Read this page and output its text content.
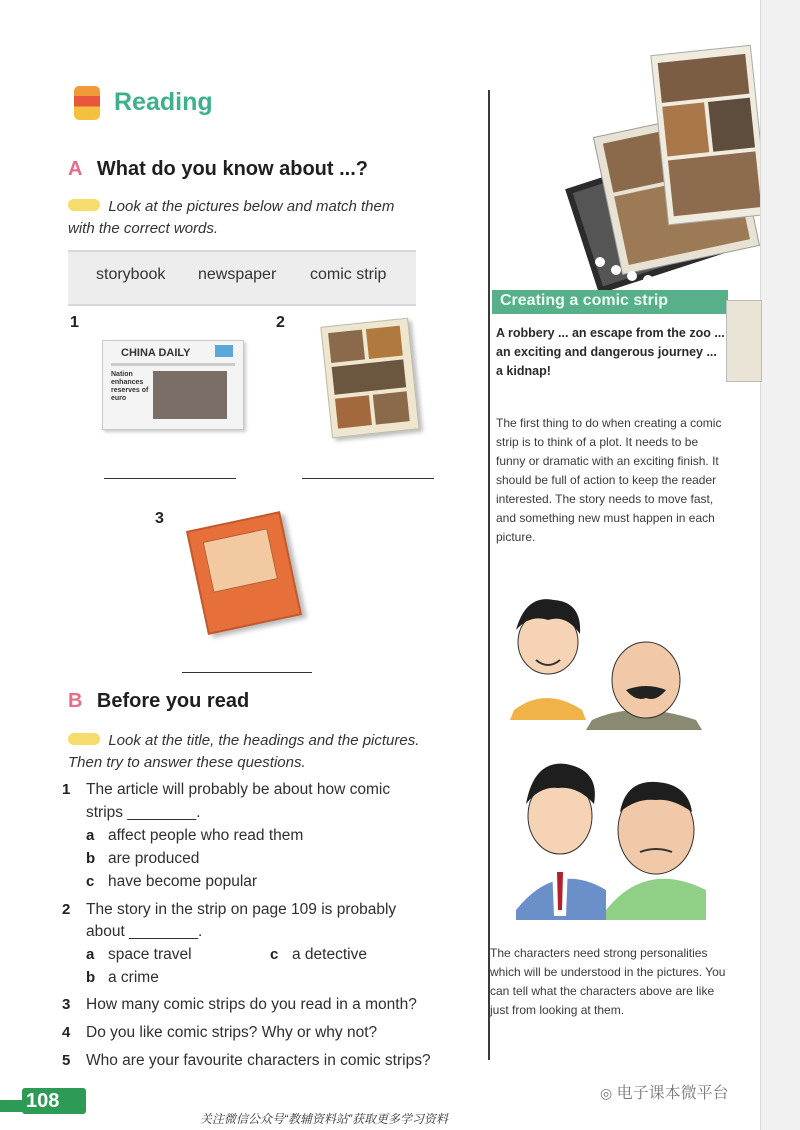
Reading
A What do you know about ...?
Look at the pictures below and match them
with the correct words.
storybook newspaper comic strip
1
CHINA DAILY
Nation enhances reserves of euro
2
3
B Before you read
Look at the title, the headings and the pictures.
Then try to answer these questions.
1 The article will probably be about how comic
strips ________.
a affect people who read them
b are produced
c have become popular
2 The story in the strip on page 109 is probably
about ________.
a space travel	c a detective
b a crime
3 How many comic strips do you read in a month?
4 Do you like comic strips? Why or why not?
5 Who are your favourite characters in comic strips?
Creating a comic strip
A robbery ... an escape from the zoo ... an exciting and dangerous journey ... a kidnap!
The first thing to do when creating a comic strip is to think of a plot. It needs to be funny or dramatic with an exciting finish. It should be full of action to keep the reader interested. The story needs to move fast, and something new must happen in each picture.
The characters need strong personalities which will be understood in the pictures. You can tell what the characters above are like just from looking at them.
108
关注微信公众号“教辅资料站”获取更多学习资料
◎ 电子课本微平台
